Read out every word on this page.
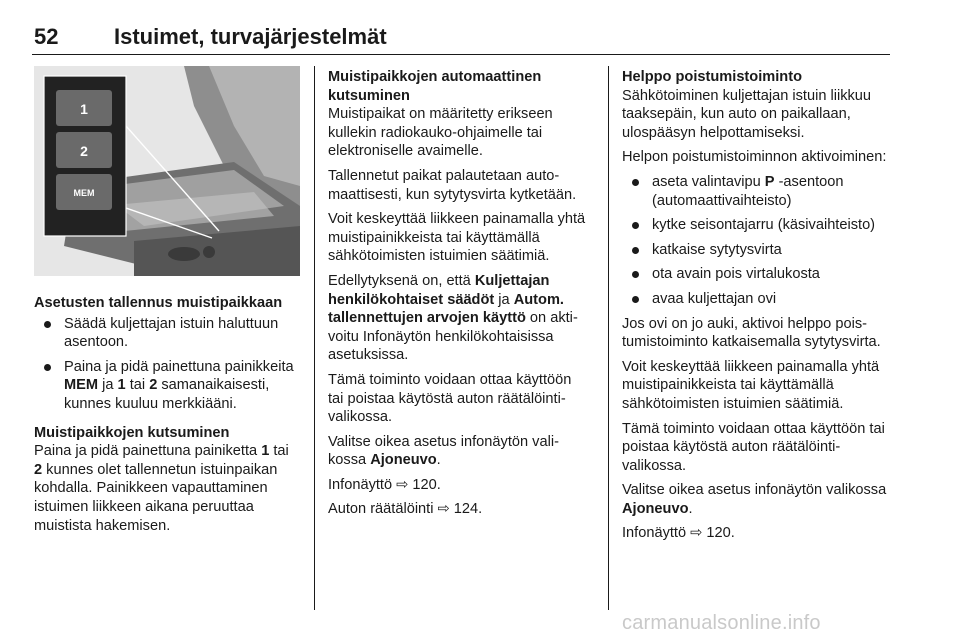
52	Istuimet, turvajärjestelmät
1
2
MEM

Asetusten tallennus muistipaikkaan

Säädä kuljettajan istuin haluttuun asentoon.
Paina ja pidä painettuna painikkeita MEM ja 1 tai 2 samanaikaisesti, kunnes kuuluu merkkiääni.

Muistipaikkojen kutsuminen

Paina ja pidä painettuna painiketta 1 tai 2 kunnes olet tallennetun istuinpaikan kohdalla. Painikkeen vapauttaminen istuimen liikkeen aikana peruuttaa muistista hakemisen.

Muistipaikkojen automaattinen kutsuminen

Muistipaikat on määritetty erikseen kullekin radiokauko-ohjaimelle tai elektroniselle avaimelle.

Tallennetut paikat palautetaan automaattisesti, kun sytytysvirta kytketään.

Voit keskeyttää liikkeen painamalla yhtä muistipainikkeista tai käyttämällä sähkötoimisten istuimien säätimiä.

Edellytyksenä on, että Kuljettajan henkilökohtaiset säädöt ja Autom. tallennettujen arvojen käyttö on aktivoitu Infonäytön henkilökohtaisissa asetuksissa.

Tämä toiminto voidaan ottaa käyttöön tai poistaa käytöstä auton räätälöintivalikossa.

Valitse oikea asetus infonäytön valikossa Ajoneuvo.

Infonäyttö ⇨ 120.

Auton räätälöinti ⇨ 124.

Helppo poistumistoiminto

Sähkötoiminen kuljettajan istuin liikkuu taaksepäin, kun auto on paikallaan, ulospääsyn helpottamiseksi.

Helpon poistumistoiminnon aktivoiminen:

aseta valintavipu P -asentoon (automaattivaihteisto)
kytke seisontajarru (käsivaihteisto)
katkaise sytytysvirta
ota avain pois virtalukosta
avaa kuljettajan ovi

Jos ovi on jo auki, aktivoi helppo poistumistoiminto katkaisemalla sytytysvirta.

Voit keskeyttää liikkeen painamalla yhtä muistipainikkeista tai käyttämällä sähkötoimisten istuimien säätimiä.

Tämä toiminto voidaan ottaa käyttöön tai poistaa käytöstä auton räätälöintivalikossa.

Valitse oikea asetus infonäytön valikossa Ajoneuvo.

Infonäyttö ⇨ 120.

carmanualsonline.info
